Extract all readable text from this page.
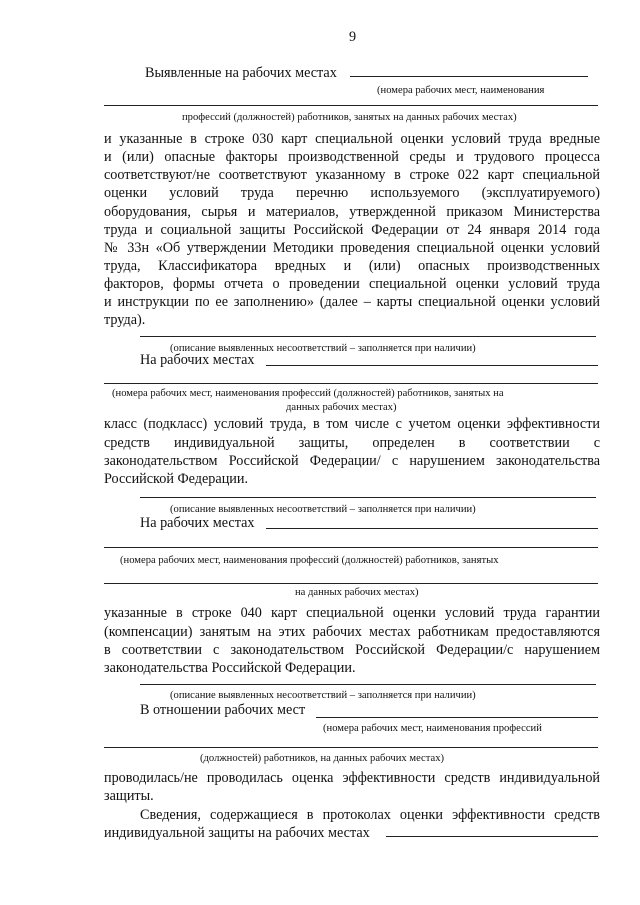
9
Выявленные на рабочих местах
(номера рабочих мест, наименования
профессий (должностей) работников, занятых на данных рабочих местах)
и указанные в строке 030 карт специальной оценки условий труда вредные
и (или) опасные факторы производственной среды и трудового процесса
соответствуют/не соответствуют указанному в строке 022 карт специальной
оценки условий труда перечню используемого (эксплуатируемого)
оборудования, сырья и материалов, утвержденной приказом Министерства
труда и социальной защиты Российской Федерации от 24 января 2014 года
№ 33н «Об утверждении Методики проведения специальной оценки условий
труда, Классификатора вредных и (или) опасных производственных
факторов, формы отчета о проведении специальной оценки условий труда
и инструкции по ее заполнению» (далее – карты специальной оценки условий
труда).
(описание выявленных несоответствий – заполняется при наличии)
На рабочих местах
(номера рабочих мест, наименования профессий (должностей) работников, занятых на
данных рабочих местах)
класс (подкласс) условий труда, в том числе с учетом оценки эффективности
средств индивидуальной защиты, определен в соответствии с
законодательством Российской Федерации/ с нарушением законодательства
Российской Федерации.
(описание выявленных несоответствий – заполняется при наличии)
На рабочих местах
(номера рабочих мест, наименования профессий (должностей) работников, занятых
на данных рабочих местах)
указанные в строке 040 карт специальной оценки условий труда гарантии
(компенсации) занятым на этих рабочих местах работникам предоставляются
в соответствии с законодательством Российской Федерации/с нарушением
законодательства Российской Федерации.
(описание выявленных несоответствий – заполняется при наличии)
В отношении рабочих мест
(номера рабочих мест, наименования профессий
(должностей) работников, на данных рабочих местах)
проводилась/не проводилась оценка эффективности средств индивидуальной
защиты.
Сведения, содержащиеся в протоколах оценки эффективности средств
индивидуальной защиты на рабочих местах
